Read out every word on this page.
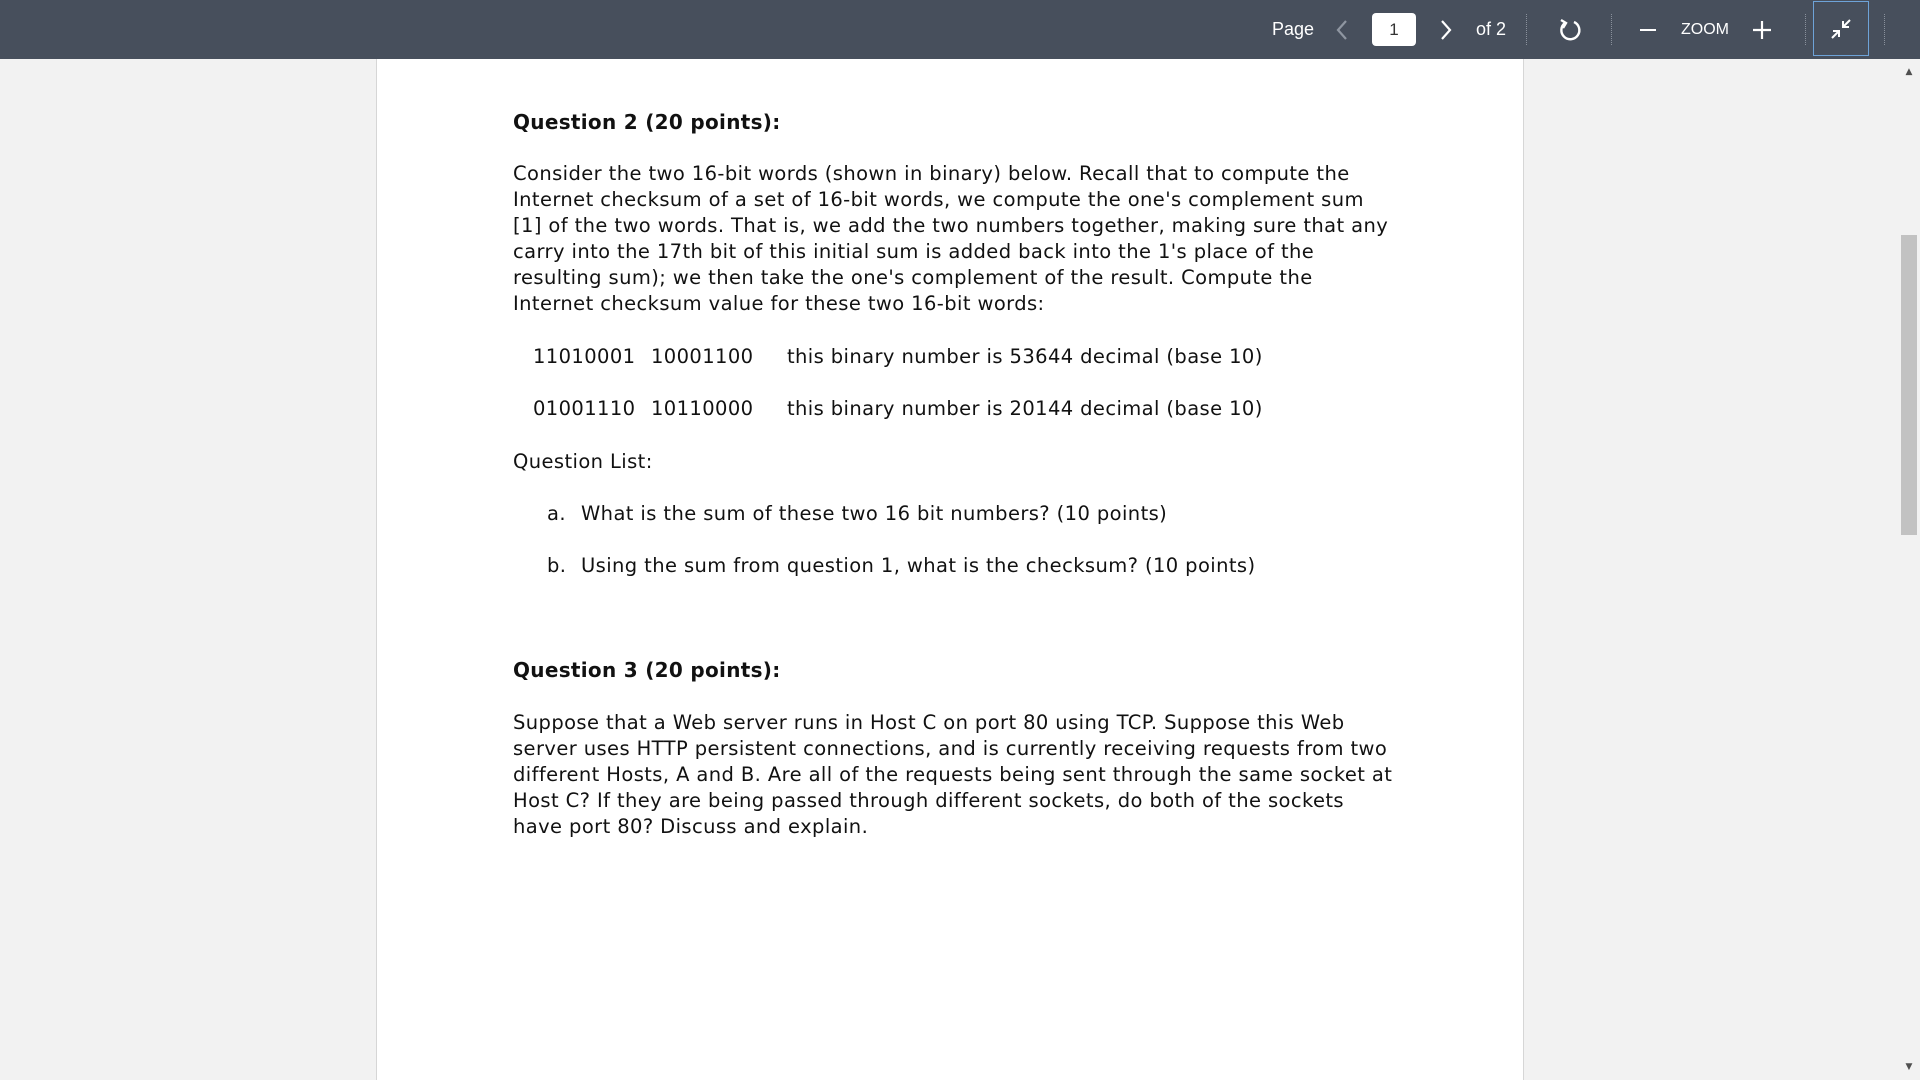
Page
1	of 2	ZOOM
Question 2 (20 points):

Consider the two 16-bit words (shown in binary) below. Recall that to compute the Internet checksum of a set of 16-bit words, we compute the one's complement sum [1] of the two words. That is, we add the two numbers together, making sure that any carry into the 17th bit of this initial sum is added back into the 1's place of the resulting sum); we then take the one's complement of the result. Compute the Internet checksum value for these two 16-bit words:

11010001 10001100 this binary number is 53644 decimal (base 10)
01001110 10110000 this binary number is 20144 decimal (base 10)

Question List:

a. What is the sum of these two 16 bit numbers? (10 points)
b. Using the sum from question 1, what is the checksum? (10 points)
Question 3 (20 points):

Suppose that a Web server runs in Host C on port 80 using TCP. Suppose this Web server uses HTTP persistent connections, and is currently receiving requests from two different Hosts, A and B. Are all of the requests being sent through the same socket at Host C? If they are being passed through different sockets, do both of the sockets have port 80? Discuss and explain.

▲
▼
